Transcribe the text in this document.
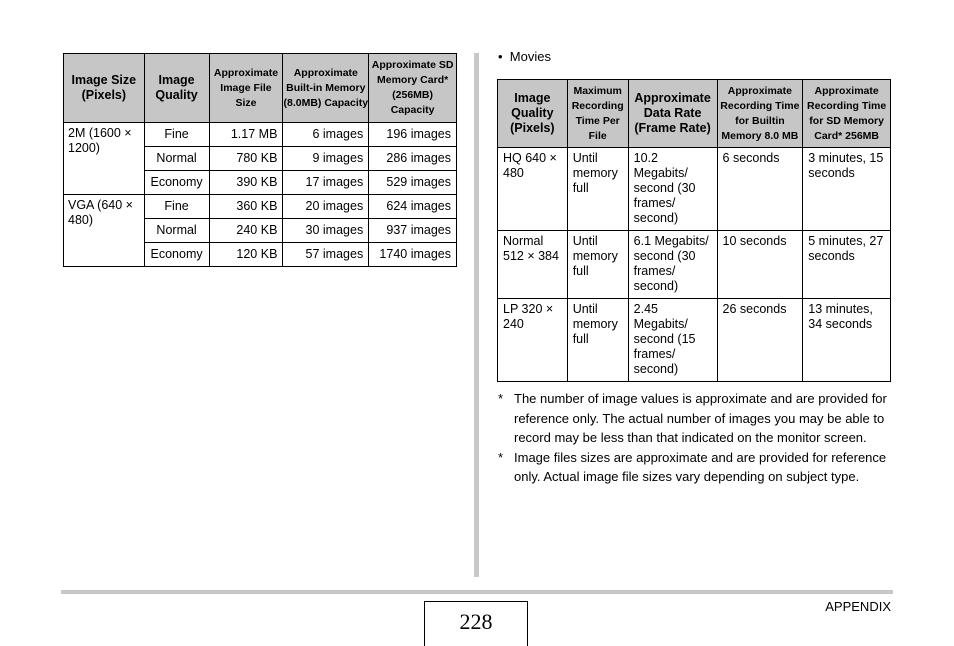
Image Size (Pixels)	Image Quality	Approximate Image File Size	Approximate Built-in Memory (8.0MB) Capacity	Approximate SD Memory Card* (256MB) Capacity
2M (1600 × 1200)	Fine	1.17 MB	6 images	196 images
	Normal	780 KB	9 images	286 images
	Economy	390 KB	17 images	529 images
VGA (640 × 480)	Fine	360 KB	20 images	624 images
	Normal	240 KB	30 images	937 images
	Economy	120 KB	57 images	1740 images
• Movies
Image Quality (Pixels)	Maximum Recording Time Per File	Approximate Data Rate (Frame Rate)	Approximate Recording Time for Builtin Memory 8.0 MB	Approximate Recording Time for SD Memory Card* 256MB
HQ 640 × 480	Until memory full	10.2 Megabits/ second (30 frames/ second)	6 seconds	3 minutes, 15 seconds
Normal 512 × 384	Until memory full	6.1 Megabits/ second (30 frames/ second)	10 seconds	5 minutes, 27 seconds
LP 320 × 240	Until memory full	2.45 Megabits/ second (15 frames/ second)	26 seconds	13 minutes, 34 seconds
* The number of image values is approximate and are provided for reference only. The actual number of images you may be able to record may be less than that indicated on the monitor screen.
* Image files sizes are approximate and are provided for reference only. Actual image file sizes vary depending on subject type.
APPENDIX
228
